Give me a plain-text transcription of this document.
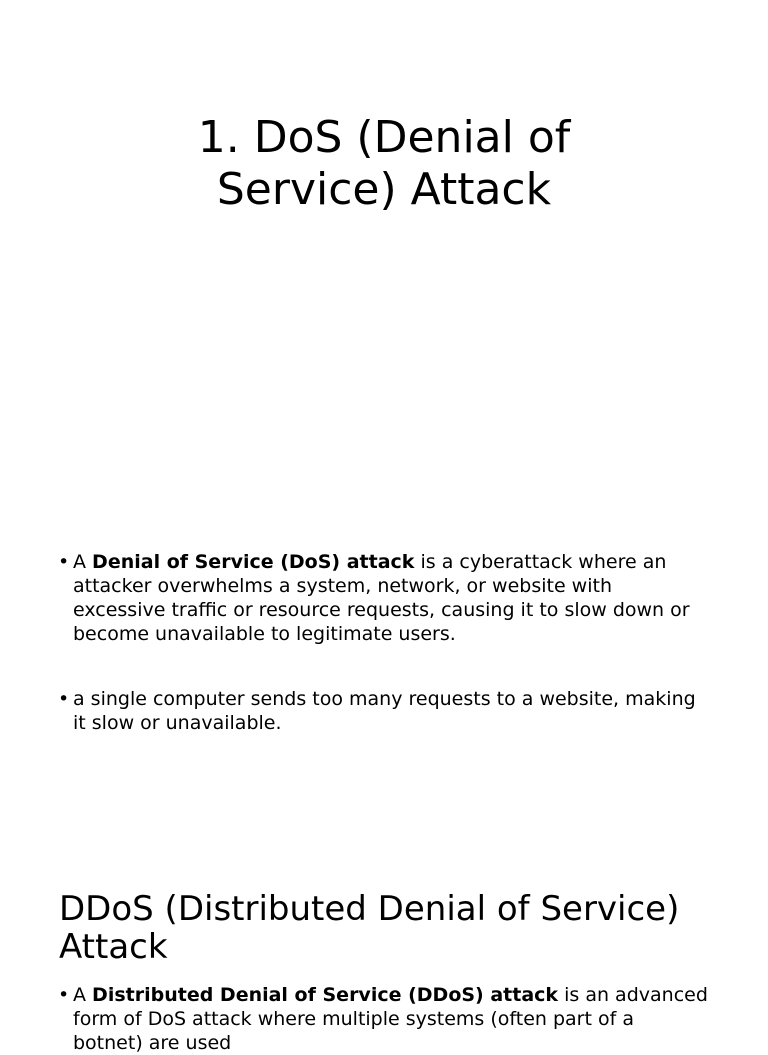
1. DoS (Denial of
Service) Attack
• A Denial of Service (DoS) attack is a cyberattack where an attacker overwhelms a system, network, or website with excessive traffic or resource requests, causing it to slow down or become unavailable to legitimate users.
• a single computer sends too many requests to a website, making it slow or unavailable.
DDoS (Distributed Denial of Service)
Attack
• A Distributed Denial of Service (DDoS) attack is an advanced form of DoS attack where multiple systems (often part of a botnet) are used
